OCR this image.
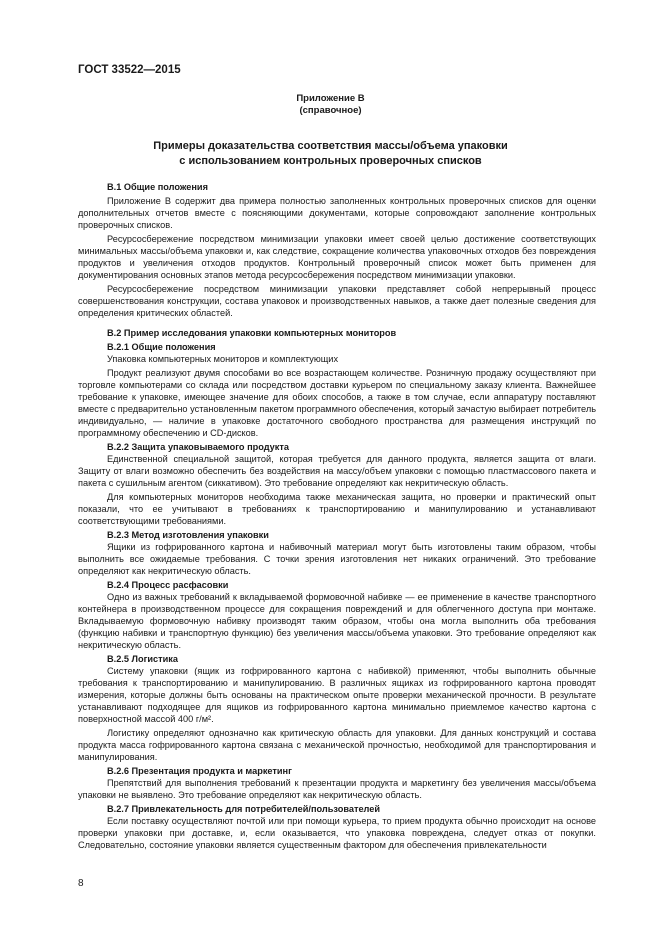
ГОСТ 33522—2015
Приложение В
(справочное)
Примеры доказательства соответствия массы/объема упаковки
с использованием контрольных проверочных списков
В.1 Общие положения

Приложение В содержит два примера полностью заполненных контрольных проверочных списков для оценки дополнительных отчетов вместе с поясняющими документами, которые сопровождают заполнение контрольных проверочных списков.

Ресурсосбережение посредством минимизации упаковки имеет своей целью достижение соответствующих минимальных массы/объема упаковки и, как следствие, сокращение количества упаковочных отходов без повреждения продуктов и увеличения отходов продуктов. Контрольный проверочный список может быть применен для документирования основных этапов метода ресурсосбережения посредством минимизации упаковки.

Ресурсосбережение посредством минимизации упаковки представляет собой непрерывный процесс совершенствования конструкции, состава упаковок и производственных навыков, а также дает полезные сведения для определения критических областей.

В.2 Пример исследования упаковки компьютерных мониторов
В.2.1 Общие положения

Упаковка компьютерных мониторов и комплектующих

Продукт реализуют двумя способами во все возрастающем количестве. Розничную продажу осуществляют при торговле компьютерами со склада или посредством доставки курьером по специальному заказу клиента. Важнейшее требование к упаковке, имеющее значение для обоих способов, а также в том случае, если аппаратуру поставляют вместе с предварительно установленным пакетом программного обеспечения, который зачастую выбирает потребитель индивидуально, — наличие в упаковке достаточного свободного пространства для размещения инструкций по программному обеспечению и CD-дисков.

В.2.2 Защита упаковываемого продукта

Единственной специальной защитой, которая требуется для данного продукта, является защита от влаги. Защиту от влаги возможно обеспечить без воздействия на массу/объем упаковки с помощью пластмассового пакета и пакета с сушильным агентом (сиккативом). Это требование определяют как некритическую область.

Для компьютерных мониторов необходима также механическая защита, но проверки и практический опыт показали, что ее учитывают в требованиях к транспортированию и манипулированию и устанавливают соответствующими требованиями.

В.2.3 Метод изготовления упаковки

Ящики из гофрированного картона и набивочный материал могут быть изготовлены таким образом, чтобы выполнить все ожидаемые требования. С точки зрения изготовления нет никаких ограничений. Это требование определяют как некритическую область.

В.2.4 Процесс расфасовки

Одно из важных требований к вкладываемой формовочной набивке — ее применение в качестве транспортного контейнера в производственном процессе для сокращения повреждений и для облегченного доступа при монтаже. Вкладываемую формовочную набивку производят таким образом, чтобы она могла выполнить оба требования (функцию набивки и транспортную функцию) без увеличения массы/объема упаковки. Это требование определяют как некритическую область.

В.2.5 Логистика

Систему упаковки (ящик из гофрированного картона с набивкой) применяют, чтобы выполнить обычные требования к транспортированию и манипулированию. В различных ящиках из гофрированного картона проводят измерения, которые должны быть основаны на практическом опыте проверки механической прочности. В результате устанавливают подходящее для ящиков из гофрированного картона минимально приемлемое качество картона с поверхностной массой 400 г/м².

Логистику определяют однозначно как критическую область для упаковки. Для данных конструкций и состава продукта масса гофрированного картона связана с механической прочностью, необходимой для транспортирования и манипулирования.

В.2.6 Презентация продукта и маркетинг

Препятствий для выполнения требований к презентации продукта и маркетингу без увеличения массы/объема упаковки не выявлено. Это требование определяют как некритическую область.

В.2.7 Привлекательность для потребителей/пользователей

Если поставку осуществляют почтой или при помощи курьера, то прием продукта обычно происходит на основе проверки упаковки при доставке, и, если оказывается, что упаковка повреждена, следует отказ от покупки. Следовательно, состояние упаковки является существенным фактором для обеспечения привлекательности

8
